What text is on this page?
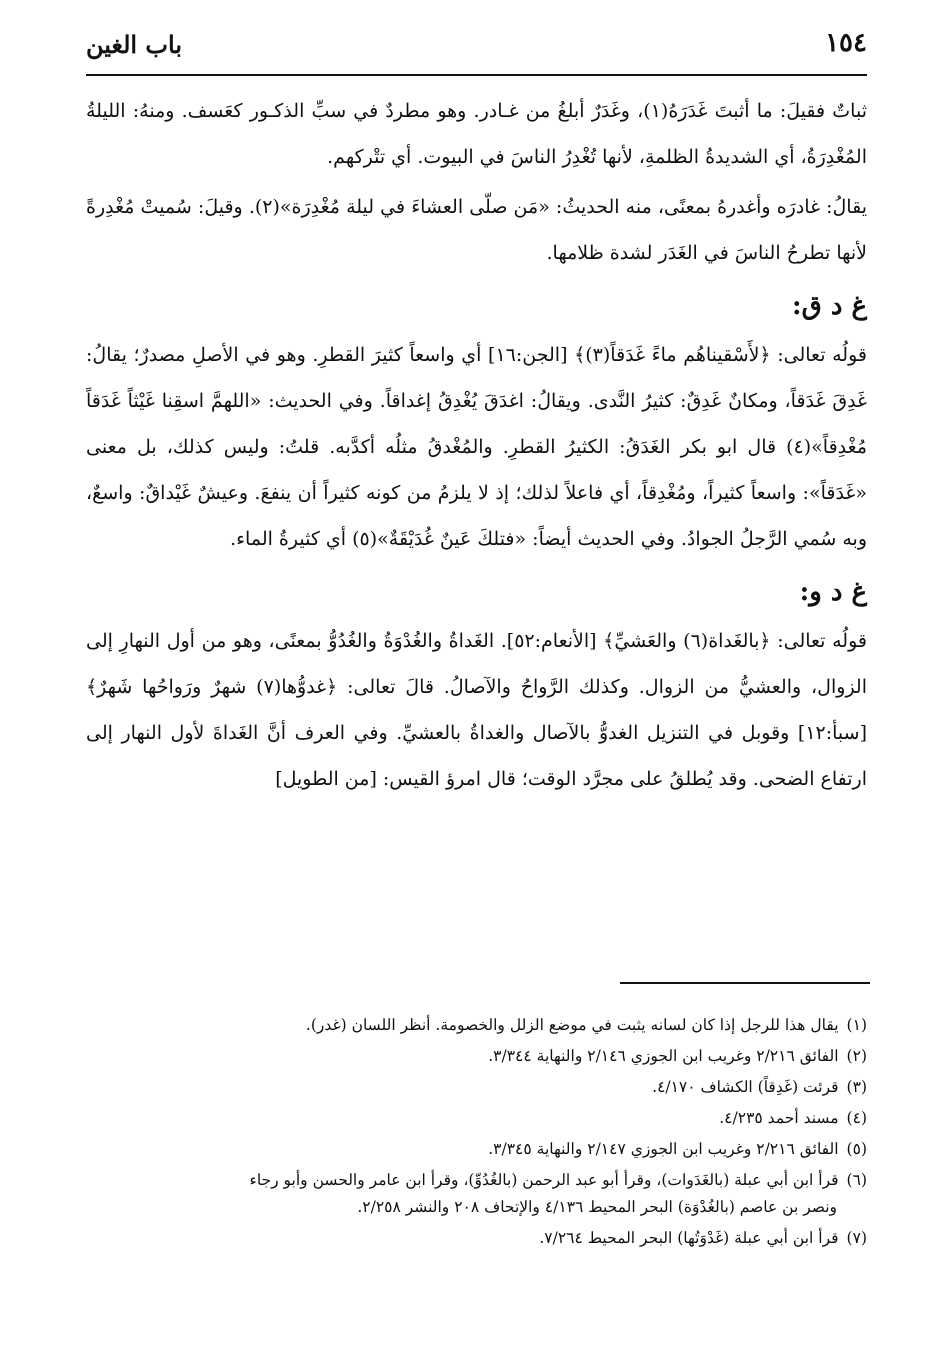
١٥٤
باب الغين

ثباتٌ فقيلَ: ما أثبتَ غَدَرَهُ(١)، وغَدَرٌ أبلغُ من غـادر. وهو مطردٌ في سبِّ الذكـور كعَسف. ومنهُ: الليلةُ المُغْدِرَةُ، أي الشديدةُ الظلمةِ، لأنها تُغْدِرُ الناسَ في البيوت. أي تتْركهم.

يقالُ: غادرَه وأغدرهُ بمعنًى، منه الحديثُ: «مَن صلّى العشاءَ في ليلة مُغْدِرَة»(٢). وقيلَ: سُميتْ مُغْدِرةً لأنها تطرحُ الناسَ في الغَدَر لشدة ظلامها.

غ د ق:

قولُه تعالى: ﴿لأَسْقيناهُم ماءً غَدَقاً(٣)﴾ [الجن:١٦] أي واسعاً كثيرَ القطرِ. وهو في الأصلِ مصدرٌ؛ يقالُ: غَدِقَ غَدَقاً، ومكانٌ غَدِقٌ: كثيرُ النَّدى. ويقالُ: اغدَقَ يُغْدِقُ إغداقاً. وفي الحديث: «اللهمَّ اسقِنا غَيْثاً غَدَقاً مُغْدِقاً»(٤) قال ابو بكر الغَدَقُ: الكثيرُ القطرِ. والمُغْدقُ مثلُه أكدَّبه. قلتُ: وليس كذلك، بل معنى «غَدَقاً»: واسعاً كثيراً، ومُغْدِقاً، أي فاعلاً لذلك؛ إذ لا يلزمُ من كونه كثيراً أن ينفعَ. وعيشٌ غَيْداقٌ: واسعٌ، وبه سُمي الرَّجلُ الجوادُ. وفي الحديث أيضاً: «فتلكَ عَينٌ غُدَيْقَةٌ»(٥) أي كثيرةُ الماء.

غ د و:

قولُه تعالى: ﴿بالغَداة(٦) والعَشيِّ﴾ [الأنعام:٥٢]. الغَداةُ والغُدْوَةُ والغُدُوُّ بمعنًى، وهو من أول النهارِ إلى الزوال، والعشيُّ من الزوال. وكذلك الرَّواحُ والآصالُ. قالَ تعالى: ﴿غدوُّها(٧) شهرٌ ورَواحُها شَهرٌ﴾ [سبأ:١٢] وقوبل في التنزيل الغدوُّ بالآصال والغداةُ بالعشيِّ. وفي العرف أنَّ الغَداةَ لأول النهار إلى ارتفاع الضحى. وقد يُطلقُ على مجرَّد الوقت؛ قال امرؤ القيس: [من الطويل]

(١)يقال هذا للرجل إذا كان لسانه يثبت في موضع الزلل والخصومة. أنظر اللسان (غدر).

(٢)الفائق ٢/٢١٦ وغريب ابن الجوزي ٢/١٤٦ والنهاية ٣/٣٤٤.

(٣)قرئت (غَدِقاً) الكشاف ٤/١٧٠.

(٤)مسند أحمد ٤/٢٣٥.

(٥)الفائق ٢/٢١٦ وغريب ابن الجوزي ٢/١٤٧ والنهاية ٣/٣٤٥.

(٦)قرأ ابن أبي عبلة (بالغَدَوات)، وقرأ أبو عبد الرحمن (بالغُدُوِّ)، وقرأ ابن عامر والحسن وأبو رجاء
ونصر بن عاصم (بالغُدْوَة) البحر المحيط ٤/١٣٦ والإتحاف ٢٠٨ والنشر ٢/٢٥٨.

(٧)قرأ ابن أبي عبلة (غَدْوَتُها) البحر المحيط ٧/٢٦٤.
